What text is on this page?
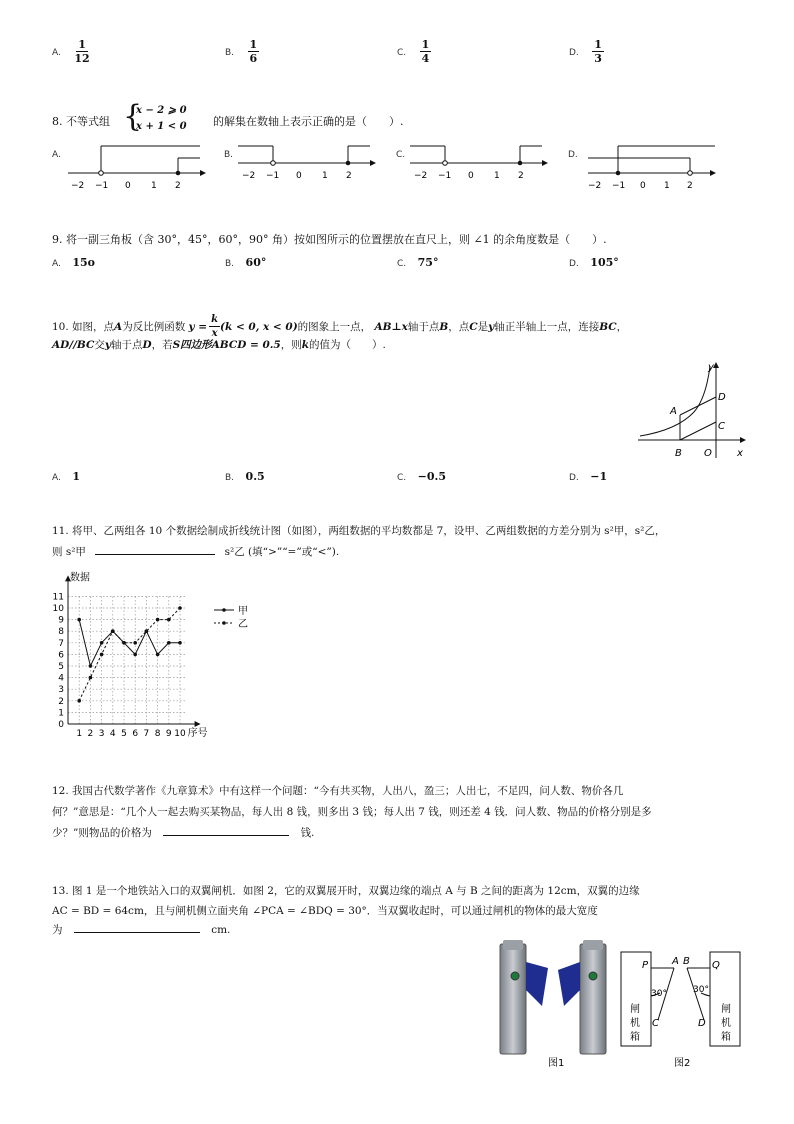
A. $\frac{1}{12}$	B. $\frac{1}{6}$	C. $\frac{1}{4}$	D. $\frac{1}{3}$
8. 不等式组 {
x − 2 ⩾ 0
x + 1 < 0 的解集在数轴上表示正确的是（　　）.
A.
−2 −1 0 1 2
B.
−2 −1 0 1 2
C.
−2 −1 0 1 2
D.
−2 −1 0 1 2
9. 将一副三角板（含 30°，45°，60°，90° 角）按如图所示的位置摆放在直尺上，则 ∠1 的余角度数是（　　）.
A. 15o	B. 60°	C. 75°	D. 105°
10. 如图，点A为反比例函数 $y = \frac{k}{x} (k < 0$, x < 0)的图象上一点， AB⊥x轴于点B，点C是y轴正半轴上一点，连接BC，
AD//BC交y轴于点D，若S四边形ABCD = 0.5，则k的值为（　　）.
y
x
A
B
C
D
O
A. 1	B. 0.5	C. −0.5	D. −1
11. 将甲、乙两组各 10 个数据绘制成折线统计图（如图），两组数据的平均数都是 7，设甲、乙两组数据的方差分别为 s²甲，s²乙，
则 s²甲	s²乙 (填“>”“=”或“<”).
0
1
2
3
4
5
6
7
8
9
10
11
1 2 3 4 5 6 7 8 9 10
数据
序号
甲
乙
12. 我国古代数学著作《九章算术》中有这样一个问题：“今有共买物，人出八，盈三；人出七，不足四，问人数、物价各几
何？”意思是：“几个人一起去购买某物品，每人出 8 钱，则多出 3 钱；每人出 7 钱，则还差 4 钱．问人数、物品的价格分别是多
少？”则物品的价格为	钱.
13. 图 1 是一个地铁站入口的双翼闸机．如图 2，它的双翼展开时，双翼边缘的端点 A 与 B 之间的距离为 12cm，双翼的边缘
AC = BD = 64cm，且与闸机侧立面夹角 ∠PCA = ∠BDQ = 30°．当双翼收起时，可以通过闸机的物体的最大宽度
为	cm.
图1
P A B Q
C	D
30°	30°
闸
机
箱
闸
机
箱
图2
